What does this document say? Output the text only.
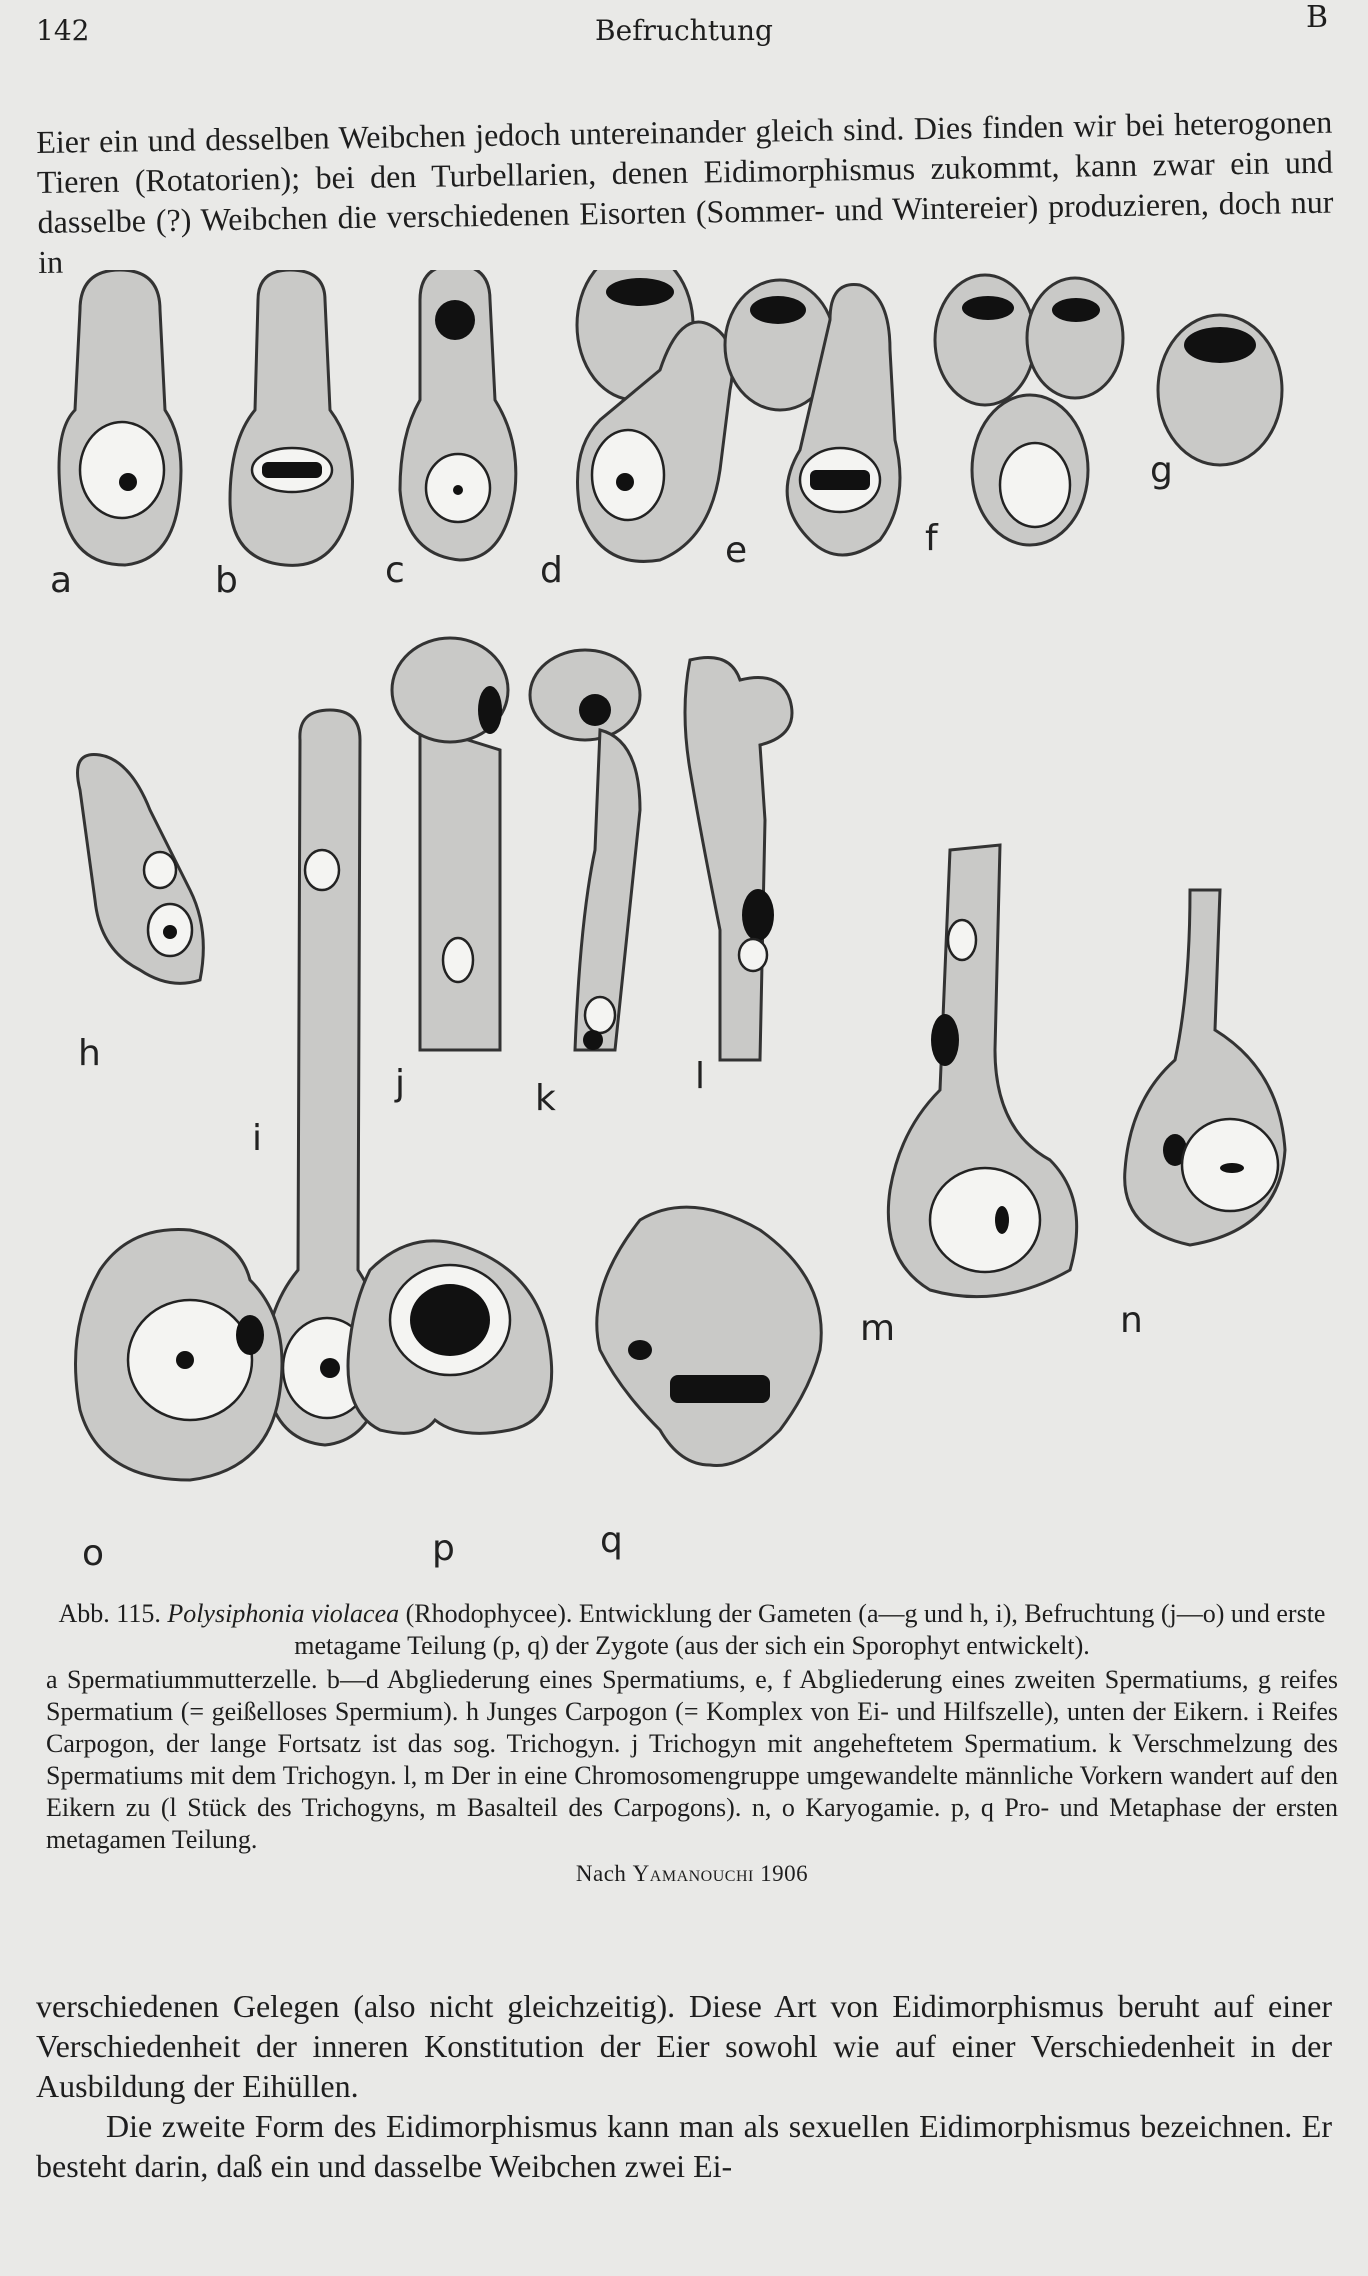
142	Befruchtung	B

Eier ein und desselben Weibchen jedoch untereinander gleich sind. Dies finden wir bei heterogonen Tieren (Rotatorien); bei den Turbellarien, denen Eidimorphismus zukommt, kann zwar ein und dasselbe (?) Weibchen die verschiedenen Eisorten (Sommer- und Wintereier) produzieren, doch nur in

a	b	c	d	e	f
g
h
i
j	k
l
m	n
o	p	q
Abb. 115. Polysiphonia violacea (Rhodophycee). Entwicklung der Gameten (a—g und h, i), Befruchtung (j—o) und erste metagame Teilung (p, q) der Zygote (aus der sich ein Sporophyt entwickelt).
a Spermatiummutterzelle. b—d Abgliederung eines Spermatiums, e, f Abgliederung eines zweiten Spermatiums, g reifes Spermatium (= geißelloses Spermium). h Junges Carpogon (= Komplex von Ei- und Hilfszelle), unten der Eikern. i Reifes Carpogon, der lange Fortsatz ist das sog. Trichogyn. j Trichogyn mit angeheftetem Spermatium. k Verschmelzung des Spermatiums mit dem Trichogyn. l, m Der in eine Chromosomengruppe umgewandelte männliche Vorkern wandert auf den Eikern zu (l Stück des Trichogyns, m Basalteil des Carpogons). n, o Karyogamie. p, q Pro- und Metaphase der ersten metagamen Teilung.
Nach Yamanouchi 1906

verschiedenen Gelegen (also nicht gleichzeitig). Diese Art von Eidimorphismus beruht auf einer Verschiedenheit der inneren Konstitution der Eier sowohl wie auf einer Verschiedenheit in der Ausbildung der Eihüllen.

Die zweite Form des Eidimorphismus kann man als sexuellen Eidimorphismus bezeichnen. Er besteht darin, daß ein und dasselbe Weibchen zwei Ei-
